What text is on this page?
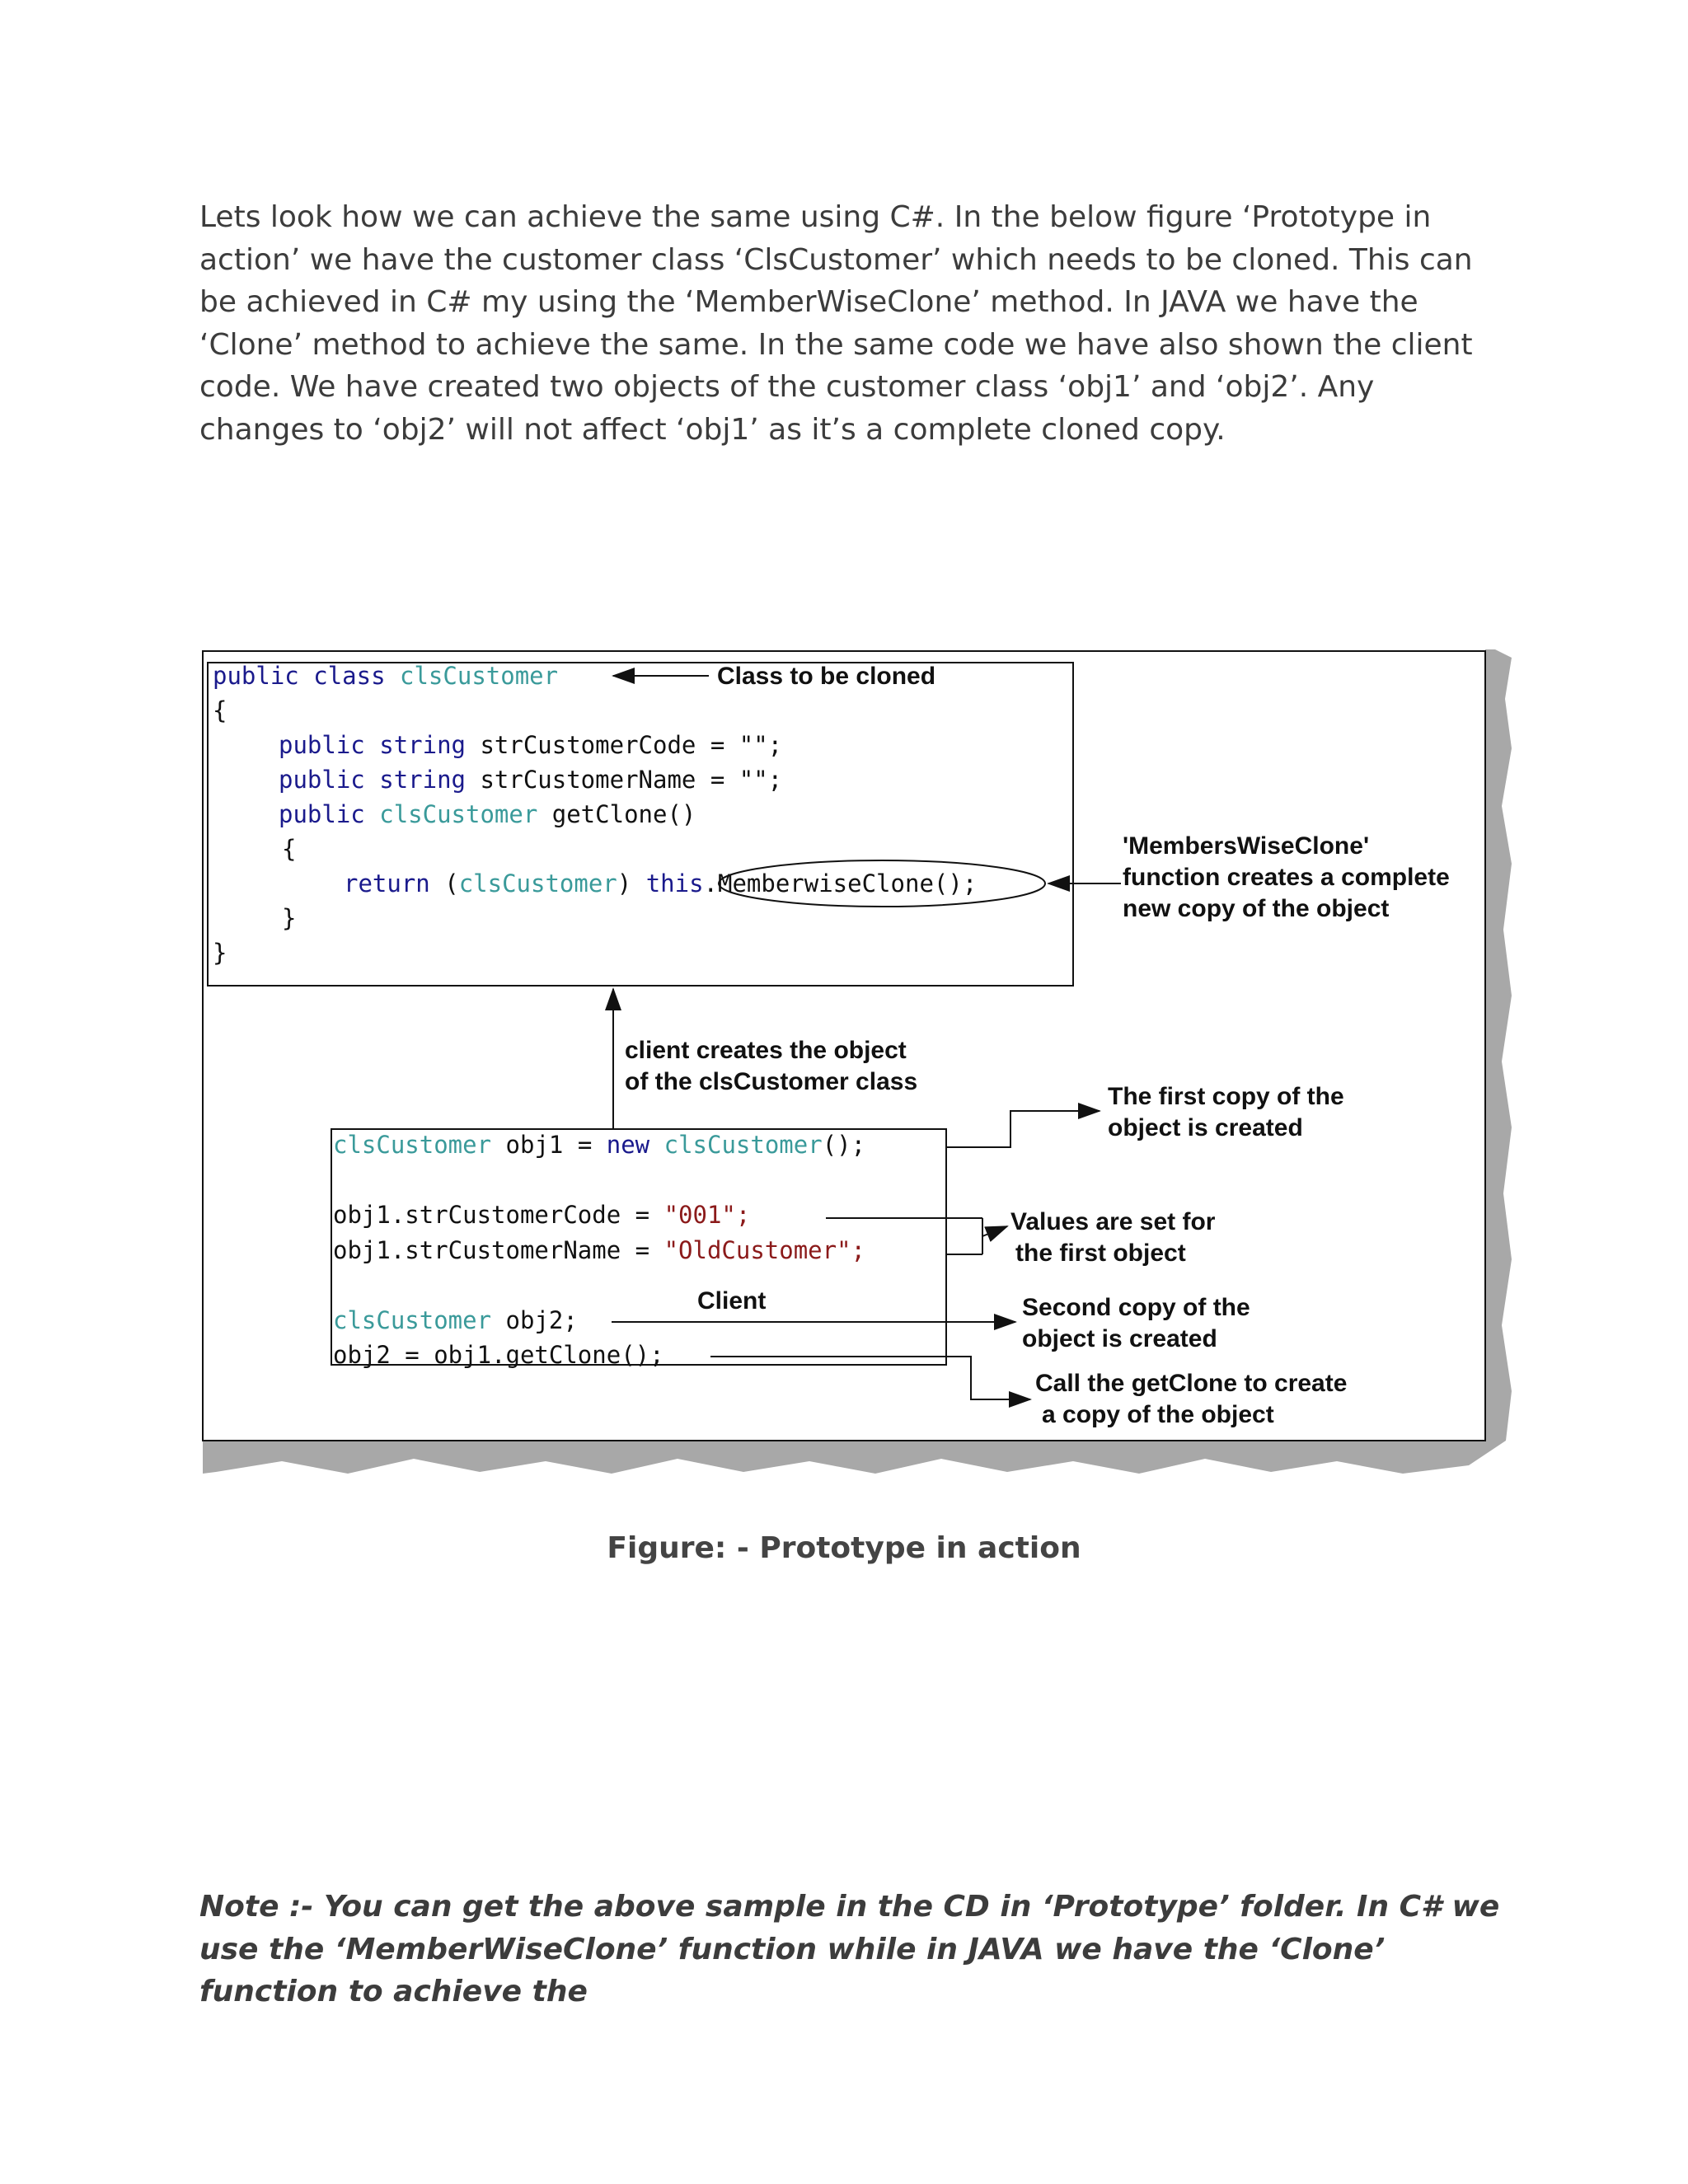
Lets look how we can achieve the same using C#. In the below figure ‘Prototype in action’ we have the customer class ‘ClsCustomer’ which needs to be cloned. This can be achieved in C# my using the ‘MemberWiseClone’ method. In JAVA we have the ‘Clone’ method to achieve the same. In the same code we have also shown the client code. We have created two objects of the customer class ‘obj1’ and ‘obj2’. Any changes to ‘obj2’ will not affect ‘obj1’ as it’s a complete cloned copy.

public class clsCustomer
{
public string strCustomerCode = "";
public string strCustomerName = "";
public clsCustomer getClone()
{
return (clsCustomer) this.MemberwiseClone();
}
}
Class to be cloned
'MembersWiseClone'
function creates a complete
new copy of the object
client creates the object
of the clsCustomer class
clsCustomer obj1 = new clsCustomer();
obj1.strCustomerCode = "001";
obj1.strCustomerName = "OldCustomer";
clsCustomer obj2;
obj2 = obj1.getClone();
Client
The first copy of the
object is created
Values are set for
the first object
Second copy of the
object is created
Call the getClone to create
a copy of the object
Figure: - Prototype in action

Note :- You can get the above sample in the CD in ‘Prototype’ folder. In C# we use the ‘MemberWiseClone’ function while in JAVA we have the ‘Clone’ function to achieve the
